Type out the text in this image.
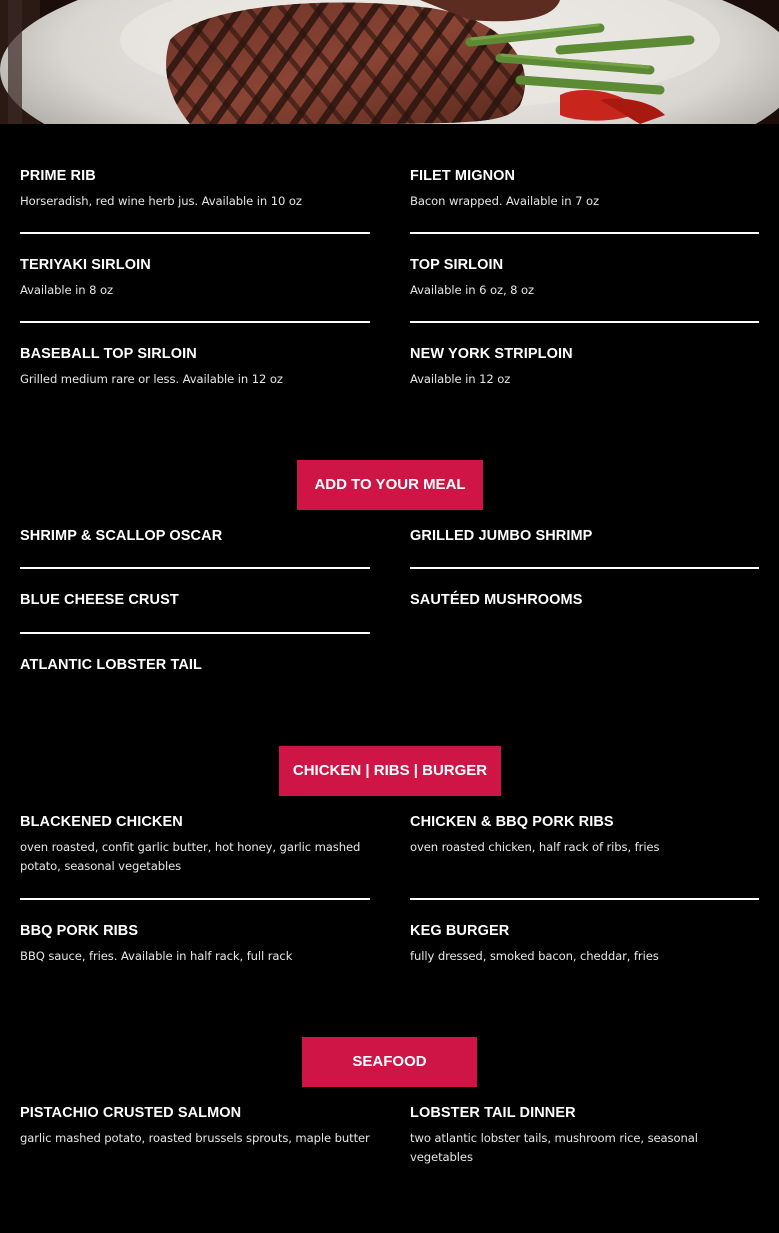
PRIME RIB
Horseradish, red wine herb jus. Available in 10 oz
FILET MIGNON
Bacon wrapped. Available in 7 oz
TERIYAKI SIRLOIN
Available in 8 oz
TOP SIRLOIN
Available in 6 oz, 8 oz
BASEBALL TOP SIRLOIN
Grilled medium rare or less. Available in 12 oz
NEW YORK STRIPLOIN
Available in 12 oz
ADD TO YOUR MEAL
SHRIMP & SCALLOP OSCAR	GRILLED JUMBO SHRIMP
BLUE CHEESE CRUST	SAUTÉED MUSHROOMS
ATLANTIC LOBSTER TAIL
CHICKEN | RIBS | BURGER
BLACKENED CHICKEN
oven roasted, confit garlic butter, hot honey, garlic mashed potato, seasonal vegetables
CHICKEN & BBQ PORK RIBS
oven roasted chicken, half rack of ribs, fries
BBQ PORK RIBS
BBQ sauce, fries. Available in half rack, full rack
KEG BURGER
fully dressed, smoked bacon, cheddar, fries
SEAFOOD
PISTACHIO CRUSTED SALMON
garlic mashed potato, roasted brussels sprouts, maple butter
LOBSTER TAIL DINNER
two atlantic lobster tails, mushroom rice, seasonal vegetables
